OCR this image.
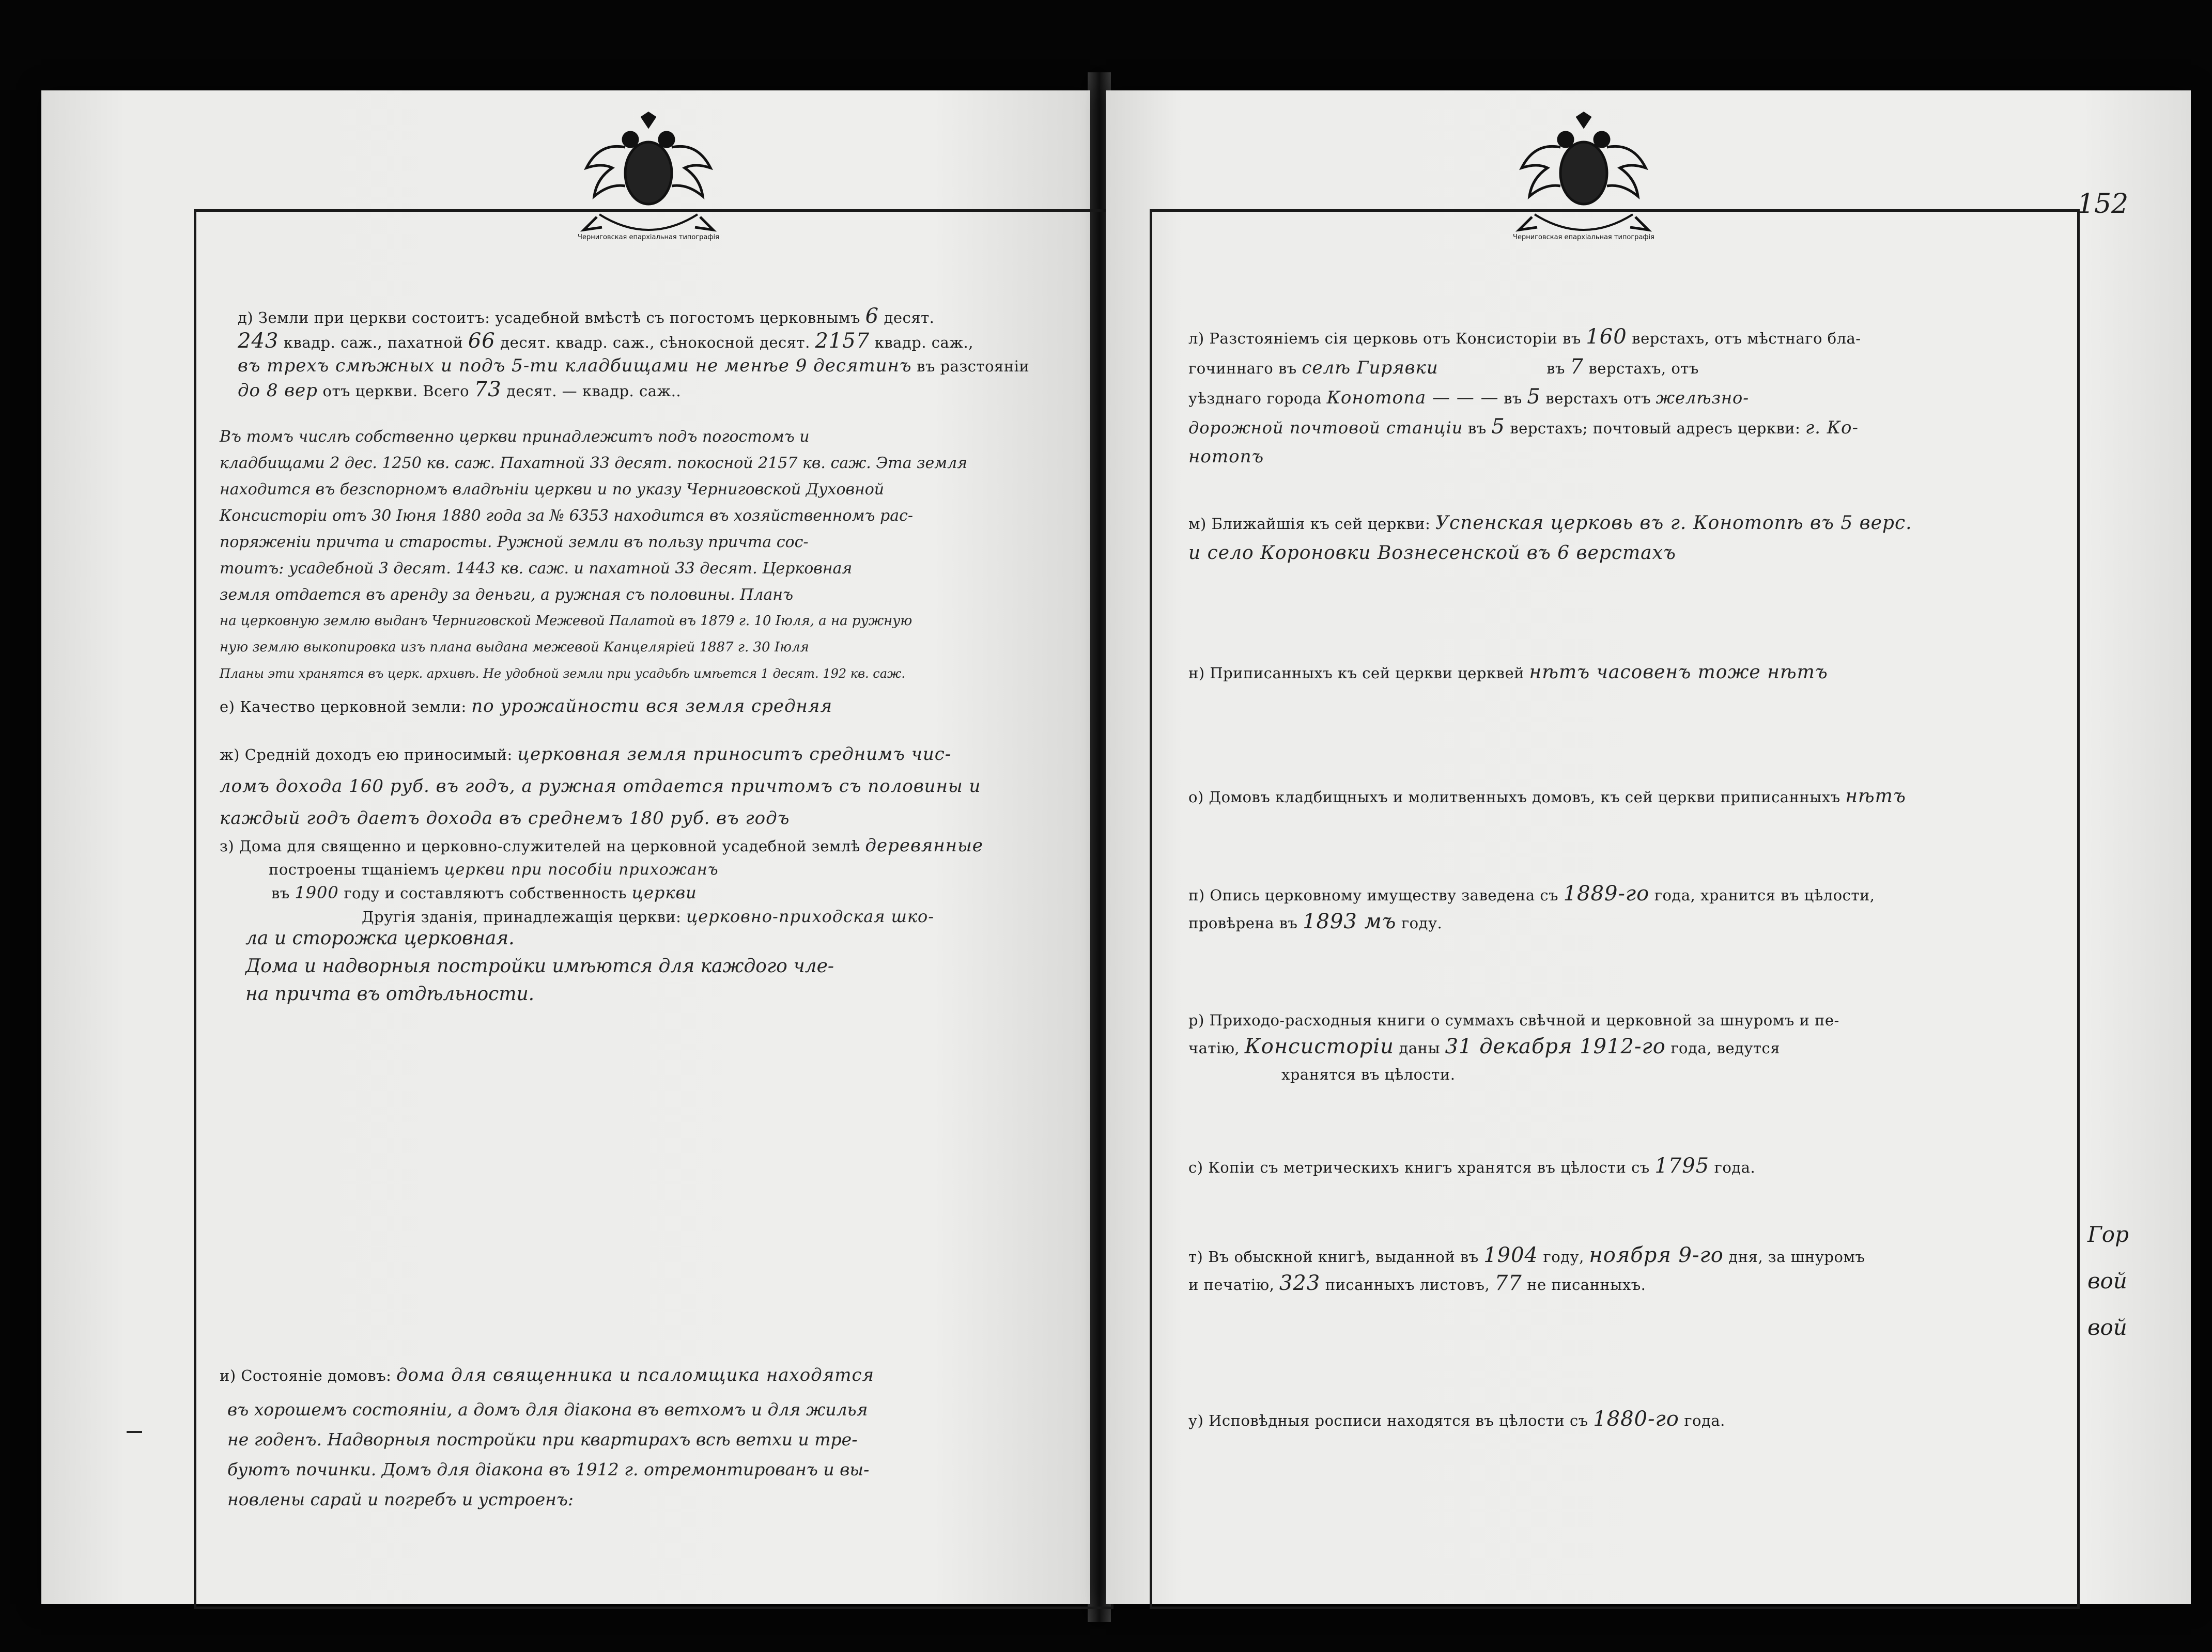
Черниговская епархіальная типографія
д) Земли при церкви состоитъ: усадебной вмѣстѣ съ погостомъ церковнымъ 6 десят.
243 квадр. саж., пахатной 66 десят. квадр. саж., сѣнокосной десят. 2157 квадр. саж.,
въ трехъ смѣжных и подъ 5-ти кладбищами не менѣе 9 десятинъ въ разстояніи
до 8 вер отъ церкви. Всего 73 десят. — квадр. саж..
Въ томъ числѣ собственно церкви принадлежитъ подъ погостомъ и
кладбищами 2 дес. 1250 кв. саж. Пахатной 33 десят. покосной 2157 кв. саж. Эта земля
находится въ безспорномъ владѣніи церкви и по указу Черниговской Духовной
Консисторіи отъ 30 Іюня 1880 года за № 6353 находится въ хозяйственномъ рас-
поряженіи причта и старосты. Ружной земли въ пользу причта сос-
тоитъ: усадебной 3 десят. 1443 кв. саж. и пахатной 33 десят. Церковная
земля отдается въ аренду за деньги, а ружная съ половины. Планъ
на церковную землю выданъ Черниговской Межевой Палатой въ 1879 г. 10 Іюля, а на ружную
ную землю выкопировка изъ плана выдана межевой Канцеляріей 1887 г. 30 Іюля
Планы эти хранятся въ церк. архивѣ. Не удобной земли при усадьбѣ имѣется 1 десят. 192 кв. саж.
е) Качество церковной земли: по урожайности вся земля средняя
ж) Средній доходъ ею приносимый: церковная земля приноситъ среднимъ чис-
ломъ дохода 160 руб. въ годъ, а ружная отдается причтомъ съ половины и
каждый годъ даетъ дохода въ среднемъ 180 руб. въ годъ
з) Дома для священно и церковно-служителей на церковной усадебной землѣ деревянные
построены тщаніемъ церкви при пособіи прихожанъ
въ 1900 году и составляютъ собственность церкви
Другія зданія, принадлежащія церкви: церковно-приходская шко-
ла и сторожка церковная.
Дома и надворныя постройки имѣются для каждого чле-
на причта въ отдѣльности.
и) Состояніе домовъ: дома для священника и псаломщика находятся
въ хорошемъ состояніи, а домъ для діакона въ ветхомъ и для жилья
не годенъ. Надворныя постройки при квартирахъ всѣ ветхи и тре-
буютъ починки. Домъ для діакона въ 1912 г. отремонтированъ и вы-
новлены сарай и погребъ и устроенъ:
Черниговская епархіальная типографія
152
л) Разстояніемъ сія церковь отъ Консисторіи въ 160 верстахъ, отъ мѣстнаго бла-
гочиннаго въ селѣ Гирявки	въ 7 верстахъ, отъ
уѣзднаго города Конотопа — — — въ 5 верстахъ отъ желѣзно-
дорожной почтовой станціи въ 5 верстахъ; почтовый адресъ церкви: г. Ко-
нотопъ
м) Ближайшія къ сей церкви: Успенская церковь въ г. Конотопѣ въ 5 верс.
и село Короновки Вознесенской въ 6 верстахъ
н) Приписанныхъ къ сей церкви церквей нѣтъ часовенъ тоже нѣтъ
о) Домовъ кладбищныхъ и молитвенныхъ домовъ, къ сей церкви приписанныхъ нѣтъ
п) Опись церковному имуществу заведена съ 1889-го года, хранится въ цѣлости,
провѣрена въ 1893 мъ году.
р) Приходо-расходныя книги о суммахъ свѣчной и церковной за шнуромъ и пе-
чатію, Консисторіи даны 31 декабря 1912-го года, ведутся
хранятся въ цѣлости.
с) Копіи съ метрическихъ книгъ хранятся въ цѣлости съ 1795 года.
т) Въ обыскной книгѣ, выданной въ 1904 году, ноября 9-го дня, за шнуромъ
и печатію, 323 писанныхъ листовъ, 77 не писанныхъ.
у) Исповѣдныя росписи находятся въ цѣлости съ 1880-го года.
Гор
вой
вой
